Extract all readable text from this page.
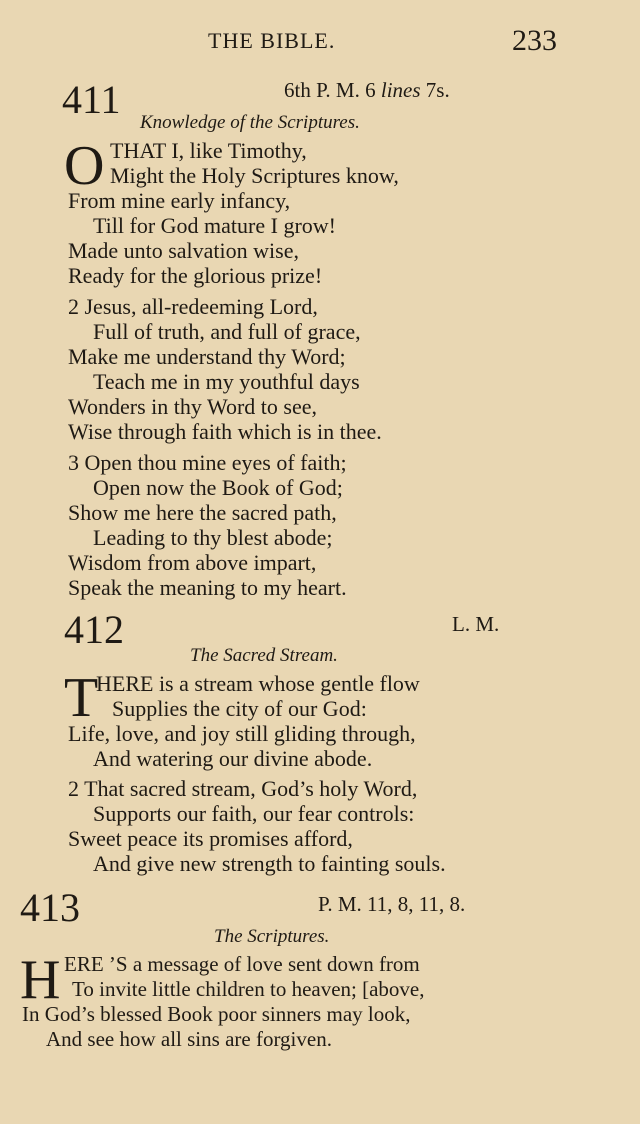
THE BIBLE.	233
411	6th P. M. 6 lines 7s.
Knowledge of the Scriptures.
O THAT I, like Timothy,
Might the Holy Scriptures know,
From mine early infancy,
Till for God mature I grow!
Made unto salvation wise,
Ready for the glorious prize!
2 Jesus, all-redeeming Lord,
Full of truth, and full of grace,
Make me understand thy Word;
Teach me in my youthful days
Wonders in thy Word to see,
Wise through faith which is in thee.
3 Open thou mine eyes of faith;
Open now the Book of God;
Show me here the sacred path,
Leading to thy blest abode;
Wisdom from above impart,
Speak the meaning to my heart.
412	L. M.
The Sacred Stream.
T
HERE is a stream whose gentle flow
Supplies the city of our God:
Life, love, and joy still gliding through,
And watering our divine abode.
2 That sacred stream, God’s holy Word,
Supports our faith, our fear controls:
Sweet peace its promises afford,
And give new strength to fainting souls.
413	P. M. 11, 8, 11, 8.
The Scriptures.
H ERE ’S a message of love sent down from
To invite little children to heaven; [above,
In God’s blessed Book poor sinners may look,
And see how all sins are forgiven.
